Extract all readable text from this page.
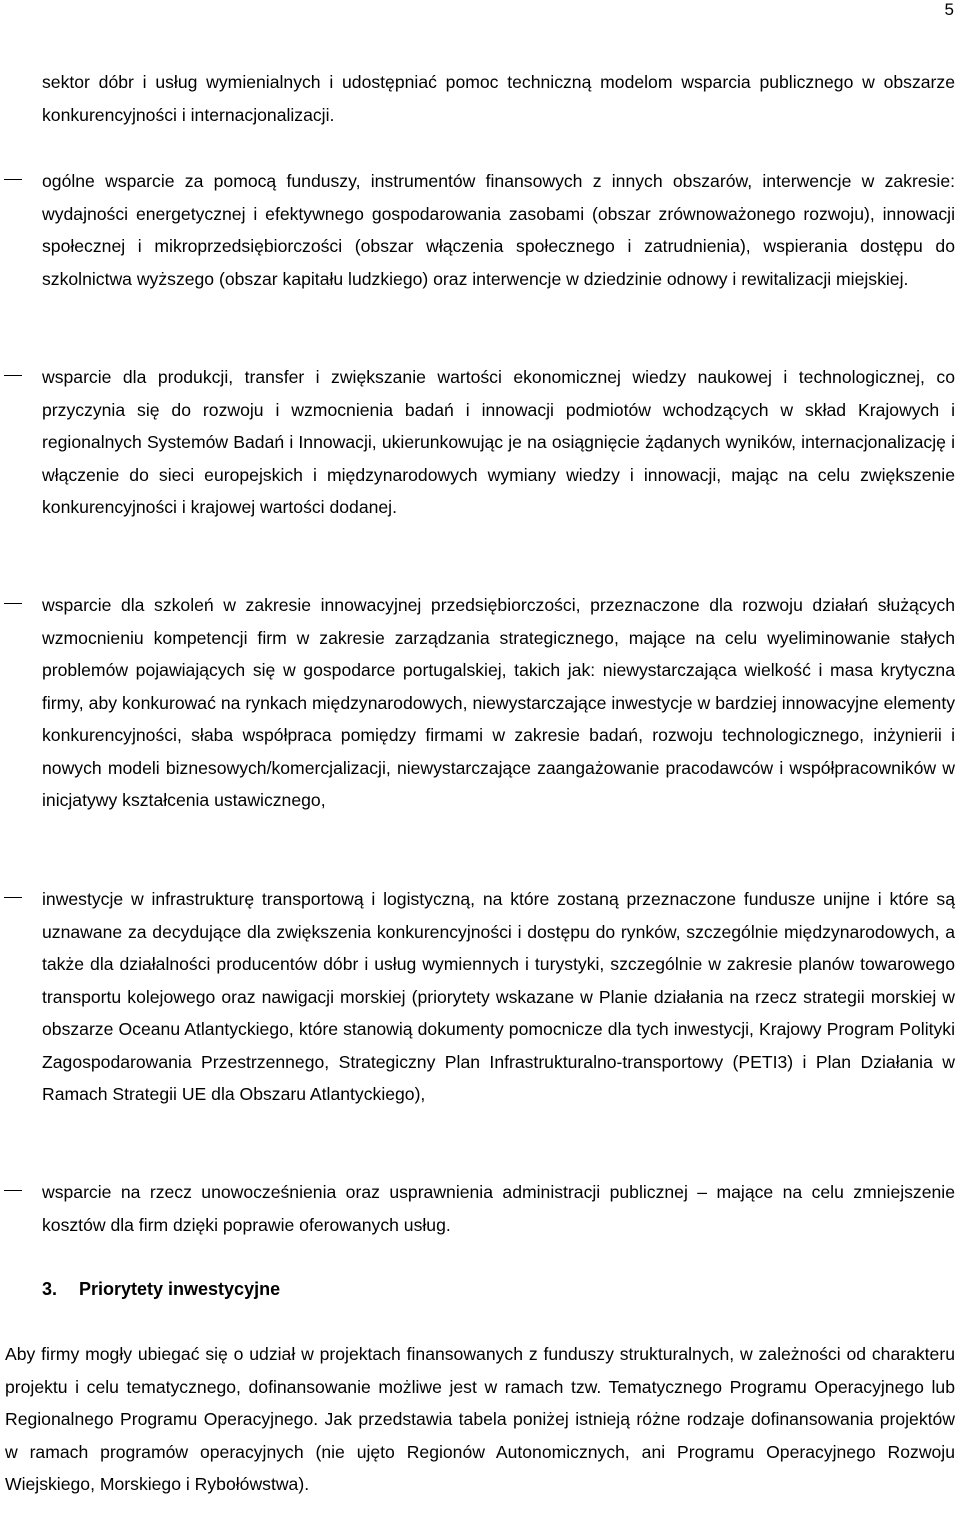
5
sektor dóbr i usług wymienialnych i udostępniać pomoc techniczną modelom wsparcia publicznego w obszarze konkurencyjności i internacjonalizacji.
ogólne wsparcie za pomocą funduszy, instrumentów finansowych z innych obszarów, interwencje w zakresie: wydajności energetycznej i efektywnego gospodarowania zasobami (obszar zrównoważonego rozwoju), innowacji społecznej i mikroprzedsiębiorczości (obszar włączenia społecznego i zatrudnienia), wspierania dostępu do szkolnictwa wyższego (obszar kapitału ludzkiego) oraz interwencje w dziedzinie odnowy i rewitalizacji miejskiej.
wsparcie dla produkcji, transfer i zwiększanie wartości ekonomicznej wiedzy naukowej i technologicznej, co przyczynia się do rozwoju i wzmocnienia badań i innowacji podmiotów wchodzących w skład Krajowych i regionalnych Systemów Badań i Innowacji, ukierunkowując je na osiągnięcie żądanych wyników, internacjonalizację i włączenie do sieci europejskich i międzynarodowych wymiany wiedzy i innowacji, mając na celu zwiększenie konkurencyjności i krajowej wartości dodanej.
wsparcie dla szkoleń w zakresie innowacyjnej przedsiębiorczości, przeznaczone dla rozwoju działań służących wzmocnieniu kompetencji firm w zakresie zarządzania strategicznego, mające na celu wyeliminowanie stałych problemów pojawiających się w gospodarce portugalskiej, takich jak: niewystarczająca wielkość i masa krytyczna firmy, aby konkurować na rynkach międzynarodowych, niewystarczające inwestycje w bardziej innowacyjne elementy konkurencyjności, słaba współpraca pomiędzy firmami w zakresie badań, rozwoju technologicznego, inżynierii i nowych modeli biznesowych/komercjalizacji, niewystarczające zaangażowanie pracodawców i współpracowników w inicjatywy kształcenia ustawicznego,
inwestycje w infrastrukturę transportową i logistyczną, na które zostaną przeznaczone fundusze unijne i które są uznawane za decydujące dla zwiększenia konkurencyjności i dostępu do rynków, szczególnie międzynarodowych, a także dla działalności producentów dóbr i usług wymiennych i turystyki, szczególnie w zakresie planów towarowego transportu kolejowego oraz nawigacji morskiej (priorytety wskazane w Planie działania na rzecz strategii morskiej w obszarze Oceanu Atlantyckiego, które stanowią dokumenty pomocnicze dla tych inwestycji, Krajowy Program Polityki Zagospodarowania Przestrzennego, Strategiczny Plan Infrastrukturalno-transportowy (PETI3) i Plan Działania w Ramach Strategii UE dla Obszaru Atlantyckiego),
wsparcie na rzecz unowocześnienia oraz usprawnienia administracji publicznej – mające na celu zmniejszenie kosztów dla firm dzięki poprawie oferowanych usług.
3. Priorytety inwestycyjne
Aby firmy mogły ubiegać się o udział w projektach finansowanych z funduszy strukturalnych, w zależności od charakteru projektu i celu tematycznego, dofinansowanie możliwe jest w ramach tzw. Tematycznego Programu Operacyjnego lub Regionalnego Programu Operacyjnego. Jak przedstawia tabela poniżej istnieją różne rodzaje dofinansowania projektów w ramach programów operacyjnych (nie ujęto Regionów Autonomicznych, ani Programu Operacyjnego Rozwoju Wiejskiego, Morskiego i Rybołówstwa).
